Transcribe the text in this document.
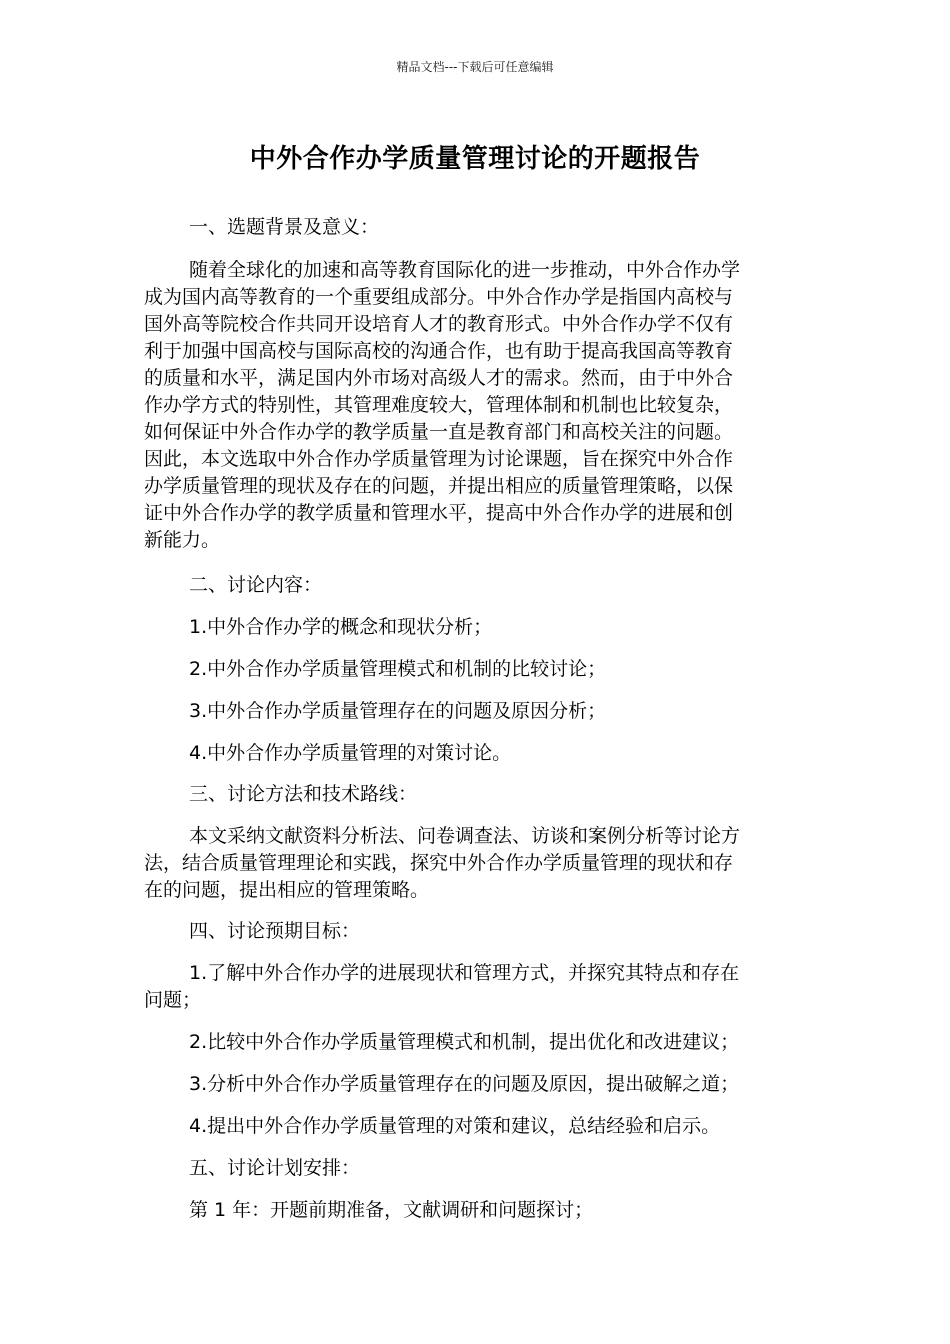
精品文档---下载后可任意编辑
中外合作办学质量管理讨论的开题报告
一、选题背景及意义：
随着全球化的加速和高等教育国际化的进一步推动，中外合作办学
成为国内高等教育的一个重要组成部分。中外合作办学是指国内高校与
国外高等院校合作共同开设培育人才的教育形式。中外合作办学不仅有
利于加强中国高校与国际高校的沟通合作，也有助于提高我国高等教育
的质量和水平，满足国内外市场对高级人才的需求。然而，由于中外合
作办学方式的特别性，其管理难度较大，管理体制和机制也比较复杂，
如何保证中外合作办学的教学质量一直是教育部门和高校关注的问题。
因此，本文选取中外合作办学质量管理为讨论课题，旨在探究中外合作
办学质量管理的现状及存在的问题，并提出相应的质量管理策略，以保
证中外合作办学的教学质量和管理水平，提高中外合作办学的进展和创
新能力。
二、讨论内容：
1.中外合作办学的概念和现状分析；
2.中外合作办学质量管理模式和机制的比较讨论；
3.中外合作办学质量管理存在的问题及原因分析；
4.中外合作办学质量管理的对策讨论。
三、讨论方法和技术路线：
本文采纳文献资料分析法、问卷调查法、访谈和案例分析等讨论方
法，结合质量管理理论和实践，探究中外合作办学质量管理的现状和存
在的问题，提出相应的管理策略。
四、讨论预期目标：
1.了解中外合作办学的进展现状和管理方式，并探究其特点和存在
问题；
2.比较中外合作办学质量管理模式和机制，提出优化和改进建议；
3.分析中外合作办学质量管理存在的问题及原因，提出破解之道；
4.提出中外合作办学质量管理的对策和建议，总结经验和启示。
五、讨论计划安排：
第 1 年：开题前期准备，文献调研和问题探讨；
